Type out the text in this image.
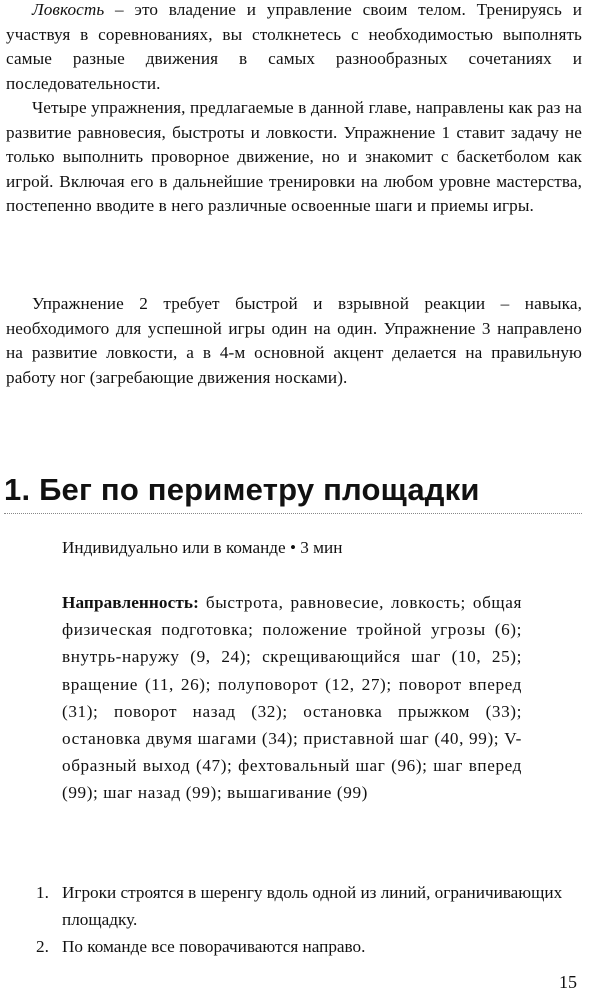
Ловкость – это владение и управление своим телом. Тренируясь и участвуя в соревнованиях, вы столкнетесь с необходимостью выполнять самые разные движения в самых разнообразных сочетаниях и последовательности.

Четыре упражнения, предлагаемые в данной главе, направлены как раз на развитие равновесия, быстроты и ловкости. Упражнение 1 ставит задачу не только выполнить проворное движение, но и знакомит с баскетболом как игрой. Включая его в дальнейшие тренировки на любом уровне мастерства, постепенно вводите в него различные освоенные шаги и приемы игры.

Упражнение 2 требует быстрой и взрывной реакции – навыка, необходимого для успешной игры один на один. Упражнение 3 направлено на развитие ловкости, а в 4-м основной акцент делается на правильную работу ног (загребающие движения носками).

1. Бег по периметру площадки
Индивидуально или в команде • 3 мин

Направленность: быстрота, равновесие, ловкость; общая физическая подготовка; положение тройной угрозы (6); внутрь-наружу (9, 24); скрещивающийся шаг (10, 25); вращение (11, 26); полуповорот (12, 27); поворот вперед (31); поворот назад (32); остановка прыжком (33); остановка двумя шагами (34); приставной шаг (40, 99); V-образный выход (47); фехтовальный шаг (96); шаг вперед (99); шаг назад (99); вышагивание (99)

1. Игроки строятся в шеренгу вдоль одной из линий, ограничивающих площадку.
2. По команде все поворачиваются направо.
15
